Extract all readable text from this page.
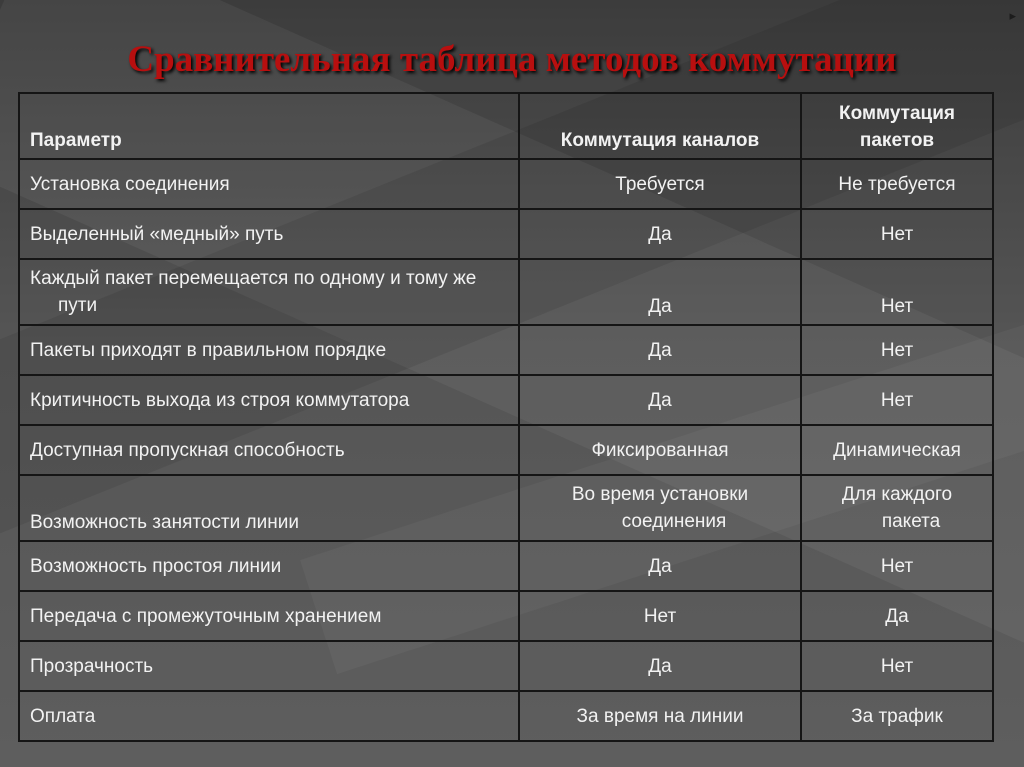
▸
Сравнительная таблица методов коммутации
Параметр	Коммутация каналов	Коммутация пакетов
Установка соединения	Требуется	Не требуется
Выделенный «медный» путь	Да	Нет

Каждый пакет перемещается по одному и тому же пути	Да	Нет
Пакеты приходят в правильном порядке	Да	Нет
Критичность выхода из строя коммутатора	Да	Нет
Доступная пропускная способность	Фиксированная	Динамическая
Возможность занятости линии	Во время установки соединения	Для каждого пакета

Возможность простоя линии	Да	Нет
Передача с промежуточным хранением	Нет	Да
Прозрачность	Да	Нет
Оплата	За время на линии	За трафик
